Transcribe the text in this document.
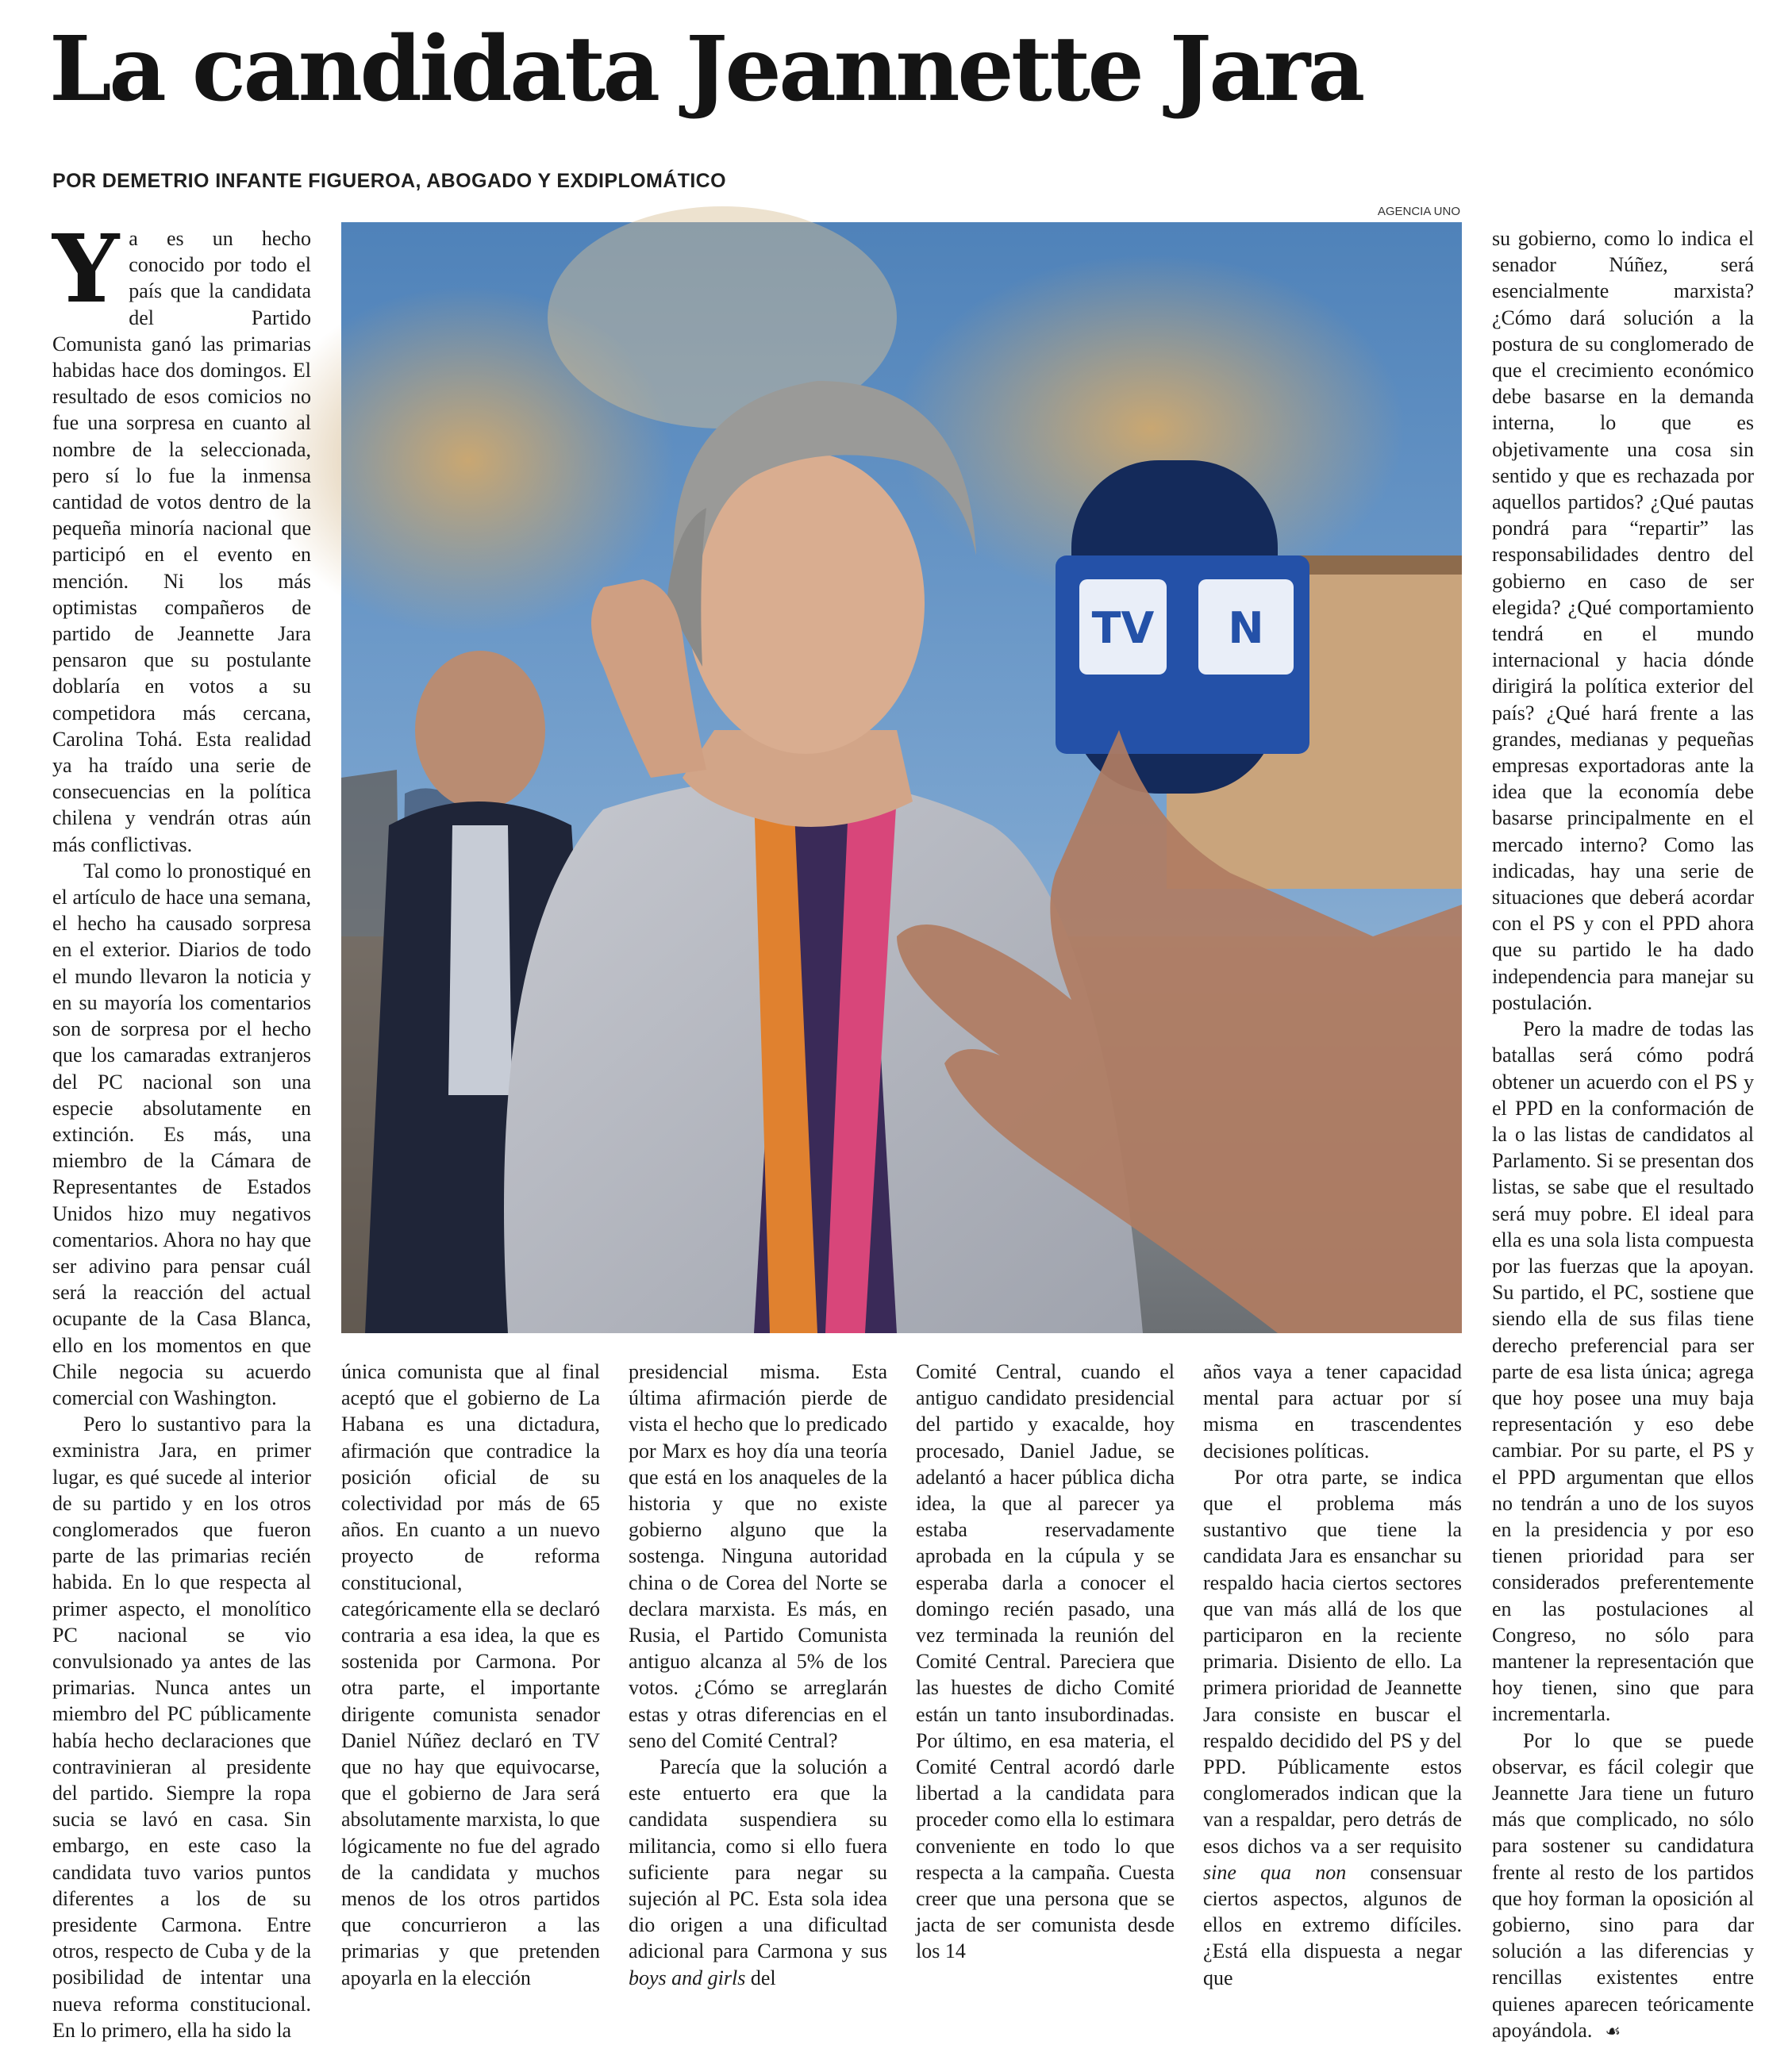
La candidata Jeannette Jara
POR DEMETRIO INFANTE FIGUEROA, ABOGADO Y EXDIPLOMÁTICO
AGENCIA UNO
TV N

Ya es un hecho conocido por todo el país que la candidata del Partido Comunista ganó las primarias habidas hace dos domingos. El resultado de esos comicios no fue una sorpresa en cuanto al nombre de la seleccionada, pero sí lo fue la inmensa cantidad de votos dentro de la pequeña minoría nacional que participó en el evento en mención. Ni los más optimistas compañeros de partido de Jeannette Jara pensaron que su postulante doblaría en votos a su competidora más cercana, Carolina Tohá. Esta realidad ya ha traído una serie de consecuencias en la política chilena y vendrán otras aún más conflictivas.

Tal como lo pronostiqué en el artículo de hace una semana, el hecho ha causado sorpresa en el exterior. Diarios de todo el mundo llevaron la noticia y en su mayoría los comentarios son de sorpresa por el hecho que los camaradas extranjeros del PC nacional son una especie absolutamente en extinción. Es más, una miembro de la Cámara de Representantes de Estados Unidos hizo muy negativos comentarios. Ahora no hay que ser adivino para pensar cuál será la reacción del actual ocupante de la Casa Blanca, ello en los momentos en que Chile negocia su acuerdo comercial con Washington.

Pero lo sustantivo para la exministra Jara, en primer lugar, es qué sucede al interior de su partido y en los otros conglomerados que fueron parte de las primarias recién habida. En lo que respecta al primer aspecto, el monolítico PC nacional se vio convulsionado ya antes de las primarias. Nunca antes un miembro del PC públicamente había hecho declaraciones que contravinieran al presidente del partido. Siempre la ropa sucia se lavó en casa. Sin embargo, en este caso la candidata tuvo varios puntos diferentes a los de su presidente Carmona. Entre otros, respecto de Cuba y de la posibilidad de intentar una nueva reforma constitucional. En lo primero, ella ha sido la

única comunista que al final aceptó que el gobierno de La Habana es una dictadura, afirmación que contradice la posición oficial de su colectividad por más de 65 años. En cuanto a un nuevo proyecto de reforma constitucional, categóricamente ella se declaró contraria a esa idea, la que es sostenida por Carmona. Por otra parte, el importante dirigente comunista senador Daniel Núñez declaró en TV que no hay que equivocarse, que el gobierno de Jara será absolutamente marxista, lo que lógicamente no fue del agrado de la candidata y muchos menos de los otros partidos que concurrieron a las primarias y que pretenden apoyarla en la elección

presidencial misma. Esta última afirmación pierde de vista el hecho que lo predicado por Marx es hoy día una teoría que está en los anaqueles de la historia y que no existe gobierno alguno que la sostenga. Ninguna autoridad china o de Corea del Norte se declara marxista. Es más, en Rusia, el Partido Comunista antiguo alcanza al 5% de los votos. ¿Cómo se arreglarán estas y otras diferencias en el seno del Comité Central?

Parecía que la solución a este entuerto era que la candidata suspendiera su militancia, como si ello fuera suficiente para negar su sujeción al PC. Esta sola idea dio origen a una dificultad adicional para Carmona y sus boys and girls del

Comité Central, cuando el antiguo candidato presidencial del partido y exacalde, hoy procesado, Daniel Jadue, se adelantó a hacer pública dicha idea, la que al parecer ya estaba reservadamente aprobada en la cúpula y se esperaba darla a conocer el domingo recién pasado, una vez terminada la reunión del Comité Central. Pareciera que las huestes de dicho Comité están un tanto insubordinadas. Por último, en esa materia, el Comité Central acordó darle libertad a la candidata para proceder como ella lo estimara conveniente en todo lo que respecta a la campaña. Cuesta creer que una persona que se jacta de ser comunista desde los 14

años vaya a tener capacidad mental para actuar por sí misma en trascendentes decisiones políticas.

Por otra parte, se indica que el problema más sustantivo que tiene la candidata Jara es ensanchar su respaldo hacia ciertos sectores que van más allá de los que participaron en la reciente primaria. Disiento de ello. La primera prioridad de Jeannette Jara consiste en buscar el respaldo decidido del PS y del PPD. Públicamente estos conglomerados indican que la van a respaldar, pero detrás de esos dichos va a ser requisito sine qua non consensuar ciertos aspectos, algunos de ellos en extremo difíciles. ¿Está ella dispuesta a negar que

su gobierno, como lo indica el senador Núñez, será esencialmente marxista? ¿Cómo dará solución a la postura de su conglomerado de que el crecimiento económico debe basarse en la demanda interna, lo que es objetivamente una cosa sin sentido y que es rechazada por aquellos partidos? ¿Qué pautas pondrá para “repartir” las responsabilidades dentro del gobierno en caso de ser elegida? ¿Qué comportamiento tendrá en el mundo internacional y hacia dónde dirigirá la política exterior del país? ¿Qué hará frente a las grandes, medianas y pequeñas empresas exportadoras ante la idea que la economía debe basarse principalmente en el mercado interno? Como las indicadas, hay una serie de situaciones que deberá acordar con el PS y con el PPD ahora que su partido le ha dado independencia para manejar su postulación.

Pero la madre de todas las batallas será cómo podrá obtener un acuerdo con el PS y el PPD en la conformación de la o las listas de candidatos al Parlamento. Si se presentan dos listas, se sabe que el resultado será muy pobre. El ideal para ella es una sola lista compuesta por las fuerzas que la apoyan. Su partido, el PC, sostiene que siendo ella de sus filas tiene derecho preferencial para ser parte de esa lista única; agrega que hoy posee una muy baja representación y eso debe cambiar. Por su parte, el PS y el PPD argumentan que ellos no tendrán a uno de los suyos en la presidencia y por eso tienen prioridad para ser considerados preferentemente en las postulaciones al Congreso, no sólo para mantener la representación que hoy tienen, sino que para incrementarla.

Por lo que se puede observar, es fácil colegir que Jeannette Jara tiene un futuro más que complicado, no sólo para sostener su candidatura frente al resto de los partidos que hoy forman la oposición al gobierno, sino para dar solución a las diferencias y rencillas existentes entre quienes aparecen teóricamente apoyándola. ☙
